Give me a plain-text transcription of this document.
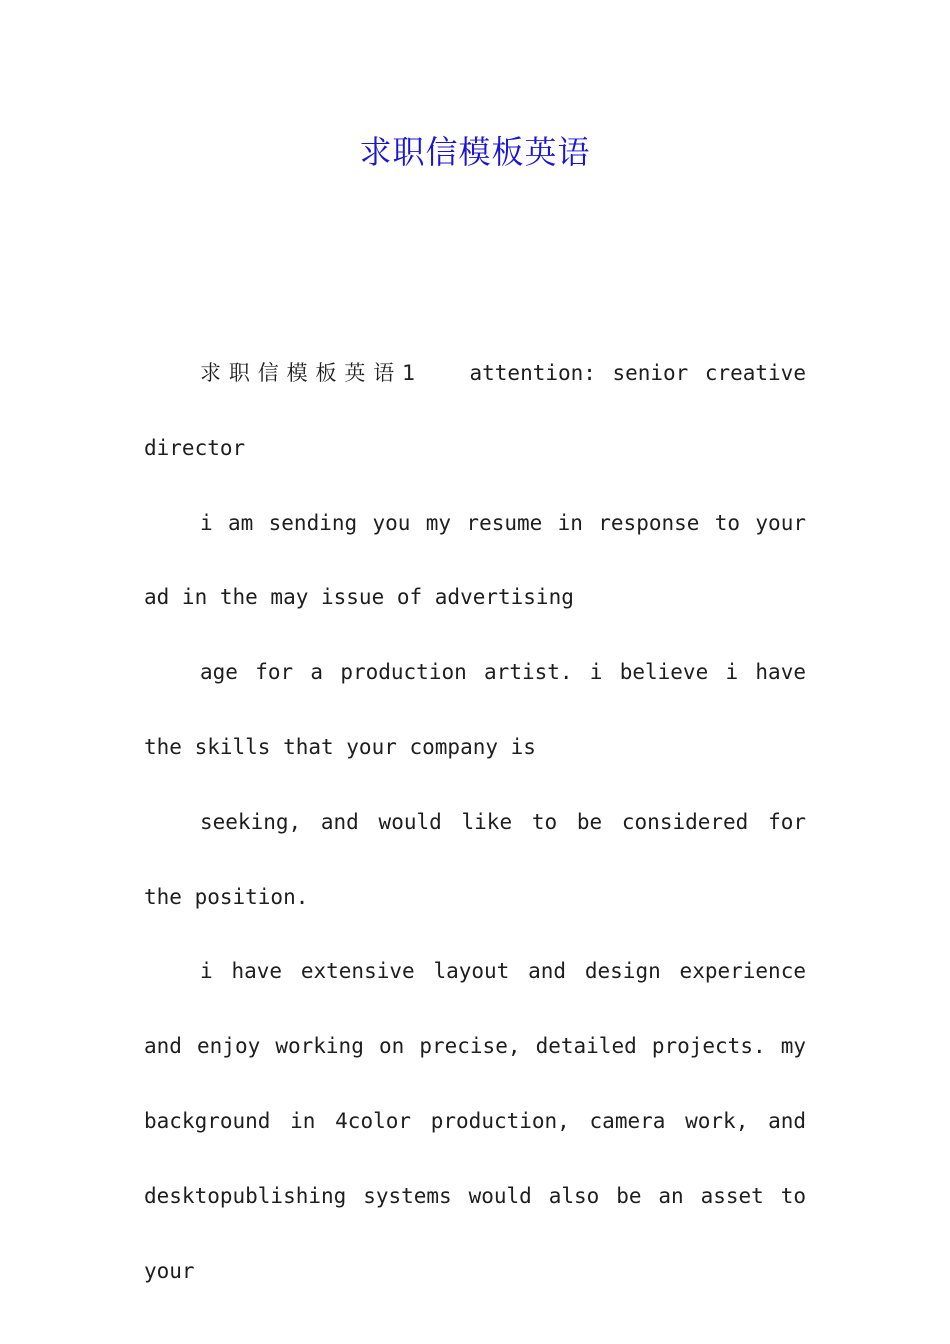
求职信模板英语

求职信模板英语1 attention: senior creative director

i am sending you my resume in response to your ad in the may issue of advertising

age for a production artist. i believe i have the skills that your company is

seeking, and would like to be considered for the position.

i have extensive layout and design experience and enjoy working on precise, detailed projects. my background in 4color production, camera work, and desktopublishing systems would also be an asset to your
